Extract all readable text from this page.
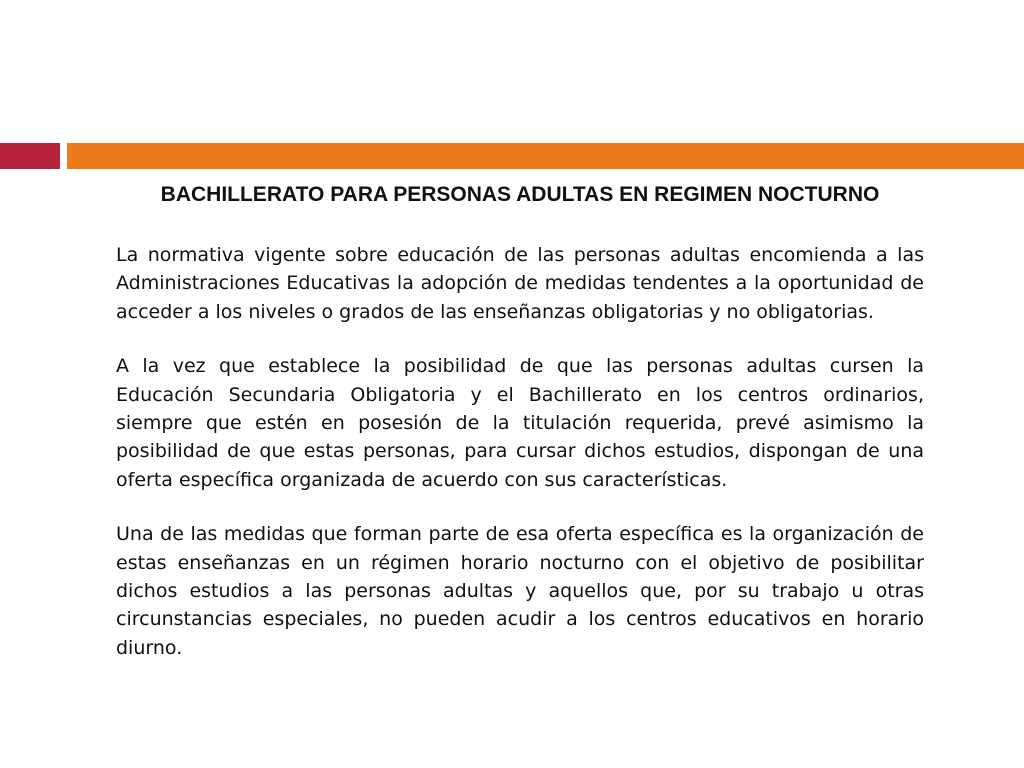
BACHILLERATO PARA PERSONAS ADULTAS EN REGIMEN NOCTURNO

La normativa vigente sobre educación de las personas adultas encomienda a las Administraciones Educativas la adopción de medidas tendentes a la oportunidad de acceder a los niveles o grados de las enseñanzas obligatorias y no obligatorias.

A la vez que establece la posibilidad de que las personas adultas cursen la Educación Secundaria Obligatoria y el Bachillerato en los centros ordinarios, siempre que estén en posesión de la titulación requerida, prevé asimismo la posibilidad de que estas personas, para cursar dichos estudios, dispongan de una oferta específica organizada de acuerdo con sus características.

Una de las medidas que forman parte de esa oferta específica es la organización de estas enseñanzas en un régimen horario nocturno con el objetivo de posibilitar dichos estudios a las personas adultas y aquellos que, por su trabajo u otras circunstancias especiales, no pueden acudir a los centros educativos en horario diurno.
